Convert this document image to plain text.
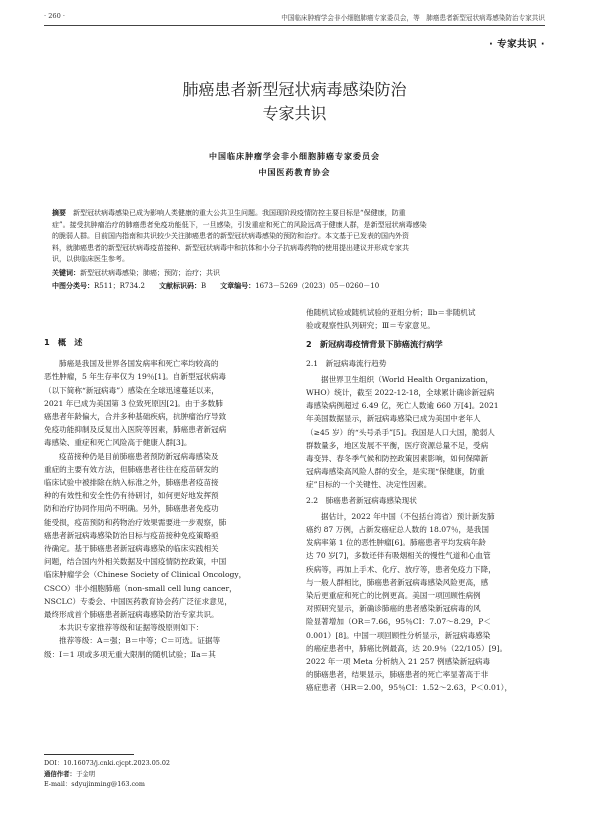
· 260 ·	中国临床肿瘤学会非小细胞肺癌专家委员会，等　肺癌患者新型冠状病毒感染防治专家共识
· 专家共识 ·
肺癌患者新型冠状病毒感染防治
专家共识
中国临床肿瘤学会非小细胞肺癌专家委员会
中国医药教育协会
摘要　 新型冠状病毒感染已成为影响人类健康的重大公共卫生问题。我国现阶段疫情防控主要目标是“保健康，防重
症”。接受抗肿瘤治疗的肺癌患者免疫功能低下，一旦感染，引发重症和死亡的风险远高于健康人群，是新型冠状病毒感染
的脆弱人群。目前国内指南和共识较少关注肺癌患者的新型冠状病毒感染的预防和治疗。本文基于已发表的国内外资
料，就肺癌患者的新型冠状病毒疫苗接种、新型冠状病毒中和抗体和小分子抗病毒药物的使用提出建议并形成专家共
识，以供临床医生参考。
关键词：新型冠状病毒感染；肺癌；预防；治疗；共识
中图分类号：R511；R734.2　　 文献标识码：B　　 文章编号：1673－5269（2023）05－0260－10

1　概　述

肺癌是我国及世界各国发病率和死亡率均较高的
恶性肿瘤，5 年生存率仅为 19％[1]。自新型冠状病毒
（以下简称“新冠病毒”）感染在全球迅速蔓延以来，
2021 年已成为美国第 3 位致死原因[2]。由于多数肺
癌患者年龄偏大，合并多种基础疾病，抗肿瘤治疗导致
免疫功能抑制及反复出入医院等因素，肺癌患者新冠病
毒感染、重症和死亡风险高于健康人群[3]。

疫苗接种仍是目前肺癌患者预防新冠病毒感染及
重症的主要有效方法，但肺癌患者往往在疫苗研发的
临床试验中被排除在纳入标准之外，肺癌患者疫苗接
种的有效性和安全性仍有待研讨，如何更好地发挥预
防和治疗协同作用尚不明确。另外，肺癌患者免疫功
能受损，疫苗预防和药物治疗效果需要进一步观察，肺
癌患者新冠病毒感染防治目标与疫苗接种免疫策略亟
待确定。基于肺癌患者新冠病毒感染的临床实践相关
问题，结合国内外相关数据及中国疫情防控政策，中国
临床肿瘤学会（Chinese Society of Clinical Oncology，
CSCO）非小细胞肺癌（non-small cell lung cancer，
NSCLC）专委会、中国医药教育协会药广泛征求意见，
最终形成首个肺癌患者新冠病毒感染防治专家共识。

本共识专家推荐等级和证据等级原则如下：
推荐等级：A＝强；B＝中等；C＝可选。证据等
级：Ⅰ＝1 项或多项无重大限制的随机试验；Ⅱa＝其

他随机试验或随机试验的亚组分析；Ⅱb＝非随机试
验或观察性队列研究；Ⅲ＝专家意见。

2　新冠病毒疫情背景下肺癌流行病学

2.1　新冠病毒流行趋势

据世界卫生组织（World Health Organization，
WHO）统计，截至 2022-12-18，全球累计确诊新冠病
毒感染病例超过 6.49 亿，死亡人数逾 660 万[4]。2021
年美国数据显示，新冠病毒感染已成为美国中老年人
（≥45 岁）的“头号杀手”[5]。我国是人口大国，脆弱人
群数量多，地区发展不平衡，医疗资源总量不足，受病
毒变异、春冬季气候和防控政策因素影响，如何保障新
冠病毒感染高风险人群的安全，是实现“保健康，防重
症”目标的一个关键性、决定性因素。

2.2　肺癌患者新冠病毒感染现状

据估计，2022 年中国（不包括台湾省）预计新发肺
癌约 87 万例，占新发癌症总人数的 18.07％，是我国
发病率第 1 位的恶性肿瘤[6]。肺癌患者平均发病年龄
达 70 岁[7]，多数还伴有吸烟相关的慢性气道和心血管
疾病等，再加上手术、化疗、放疗等，患者免疫力下降，
与一般人群相比，肺癌患者新冠病毒感染风险更高，感
染后更重症和死亡的比例更高。美国一项回顾性病例
对照研究显示，新确诊肺癌的患者感染新冠病毒的风
险显著增加（OR＝7.66，95％CI：7.07～8.29，P＜
0.001）[8]。中国一项回顾性分析显示，新冠病毒感染
的癌症患者中，肺癌比例最高，达 20.9％（22/105）[9]。
2022 年一项 Meta 分析纳入 21 257 例感染新冠病毒
的肺癌患者，结果显示，肺癌患者的死亡率显著高于非
癌症患者（HR＝2.00，95％CI：1.52～2.63，P＜0.01），

DOI：10.16073/j.cnki.cjcpt.2023.05.02
通信作者：于金明
E-mail：sdyujinming@163.com
